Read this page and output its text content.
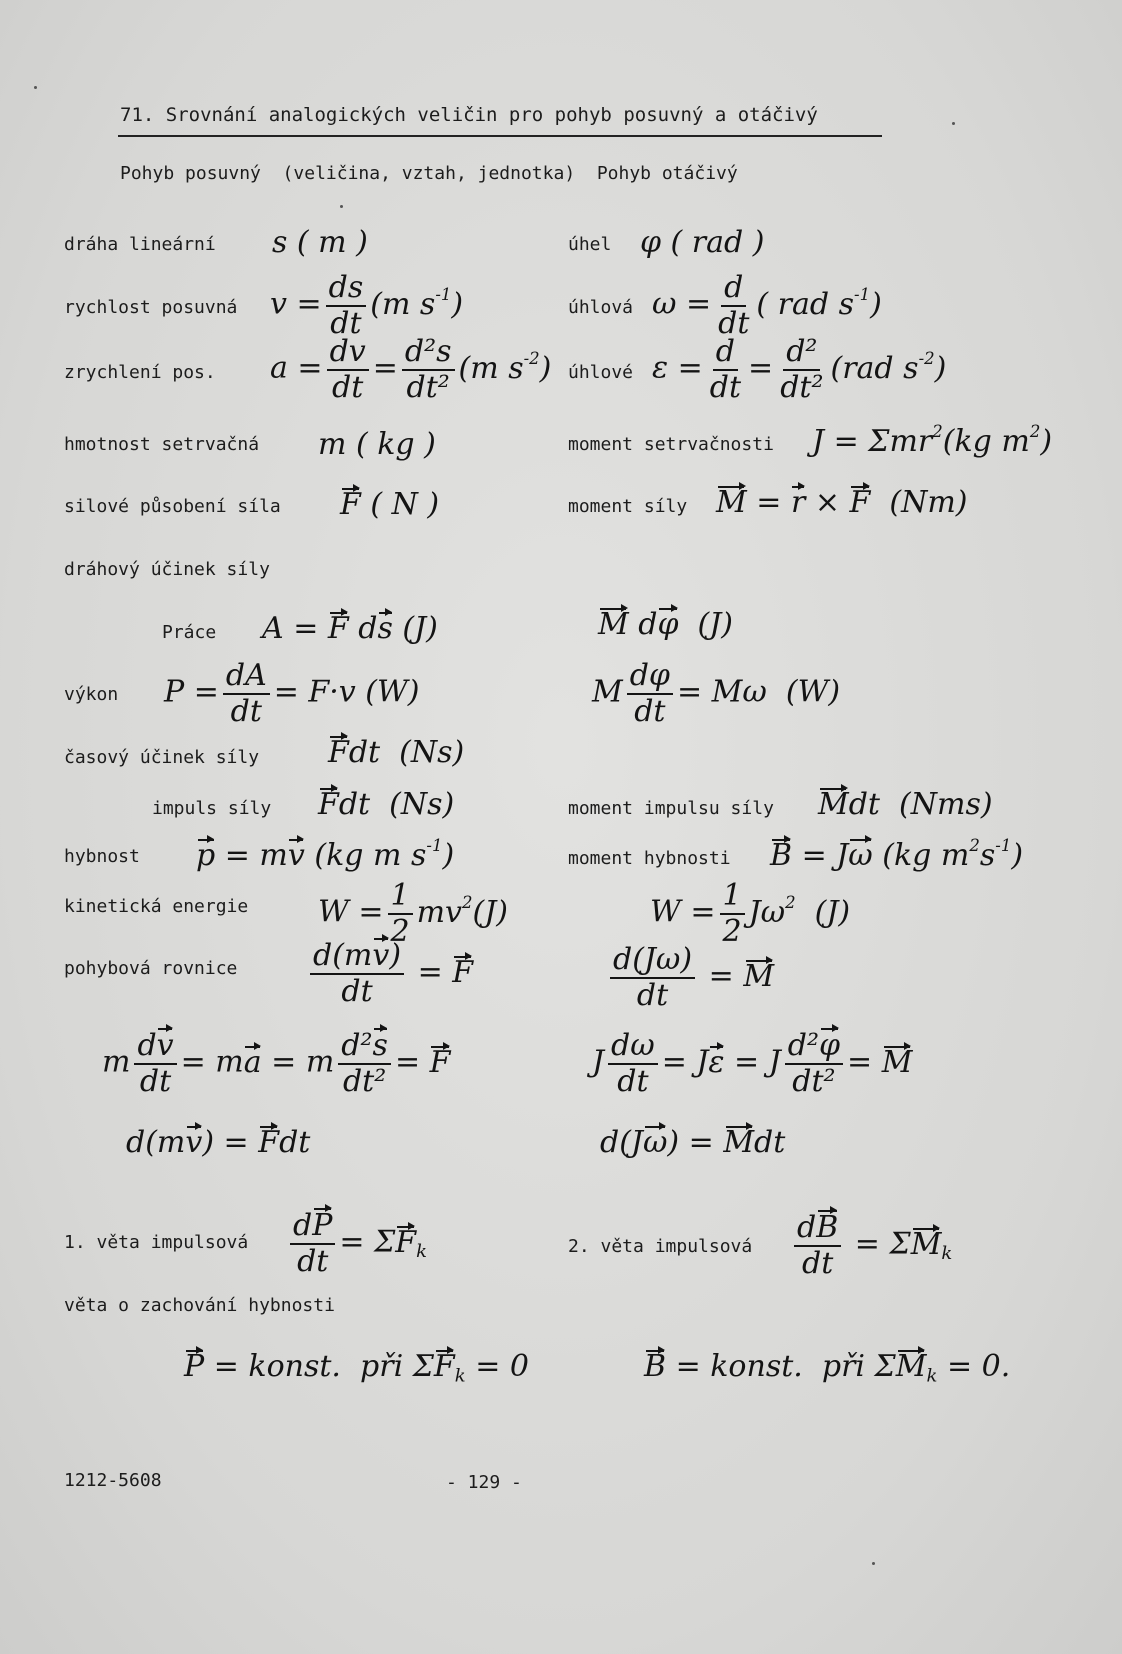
71. Srovnání analogických veličin pro pohyb posuvný a otáčivý
Pohyb posuvný  (veličina, vztah, jednotka)  Pohyb otáčivý
dráha lineární s ( m )	úhel φ ( rad )
rychlost posuvná $v = \frac{ds}{dt} (m$ $s^{-1}$)	úhlová $\omega = \frac{d}{dt}$ ( rad $s^{-1}$)
zrychlení pos. $a = \frac{dv}{dt} = \frac{\text{d²s}}{\text{dt²}} (m$ $s^{-2}$) úhlové $\varepsilon = \frac{d}{dt} = \frac{\text{d²}}{\text{dt²}} (rad$ $s^{-2}$)
hmotnost setrvačná m ( kg )	moment setrvačnosti J = Σmr$^2$(kg $m^2$)
silové působení síla F ( N )	moment síly M = r × F  (Nm)
dráhový účinek síly
Práce A = F ds (J)	M dφ  (J)
výkon $P = \frac{dA}{dt} = F\cdot v$ (W)	M $\frac{d\varphi}{dt} = M\omega$  (W)
časový účinek síly Fdt  (Ns)
impuls síly Fdt  (Ns)	moment impulsu síly Mdt  (Nms)
hybnost p = mv (kg m $s^{-1}$)	moment hybnosti B = Jω (kg $m^2s^{-1}$)
kinetická energie $W = \frac{1}{2} mv^2(J)$	$W = \frac{1}{2} J\omega^2$  (J)
pohybová rovnice $\frac{d(mv)}{dt} = F$	$\frac{d(J\omega)}{dt} = M$
m $\frac{dv}{dt}$ = ma = m $\frac{\text{d²s}}{\text{dt²}} = F$	J $\frac{d\omega}{dt} = J\varepsilon = J \frac{\text{d²φ}}{\text{dt²}} = M$
d(mv) = Fdt	d(Jω) = Mdt
1. věta impulsová $\frac{dP}{dt} = \Sigma F_k$	2. věta impulsová $\frac{dB}{dt} = \Sigma M_k$
věta o zachování hybnosti
P = konst.  při $\Sigma F_k = 0$	B = konst.  při $\Sigma M_k = 0$.
1212-5608	- 129 -
